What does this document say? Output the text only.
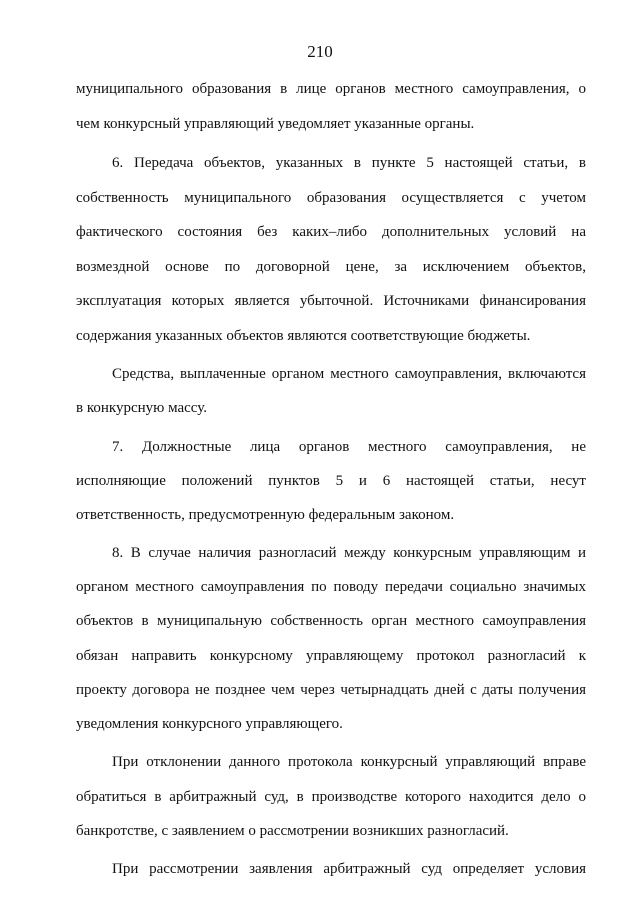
210
муниципального образования в лице органов местного самоуправления, о
чем конкурсный управляющий уведомляет указанные органы.
6. Передача объектов, указанных в пункте 5 настоящей статьи, в
собственность муниципального образования осуществляется с учетом
фактического состояния без каких–либо дополнительных условий на
возмездной основе по договорной цене, за исключением объектов,
эксплуатация которых является убыточной. Источниками финансирования
содержания указанных объектов являются соответствующие бюджеты.
Средства, выплаченные органом местного самоуправления, включаются
в конкурсную массу.
7. Должностные лица органов местного самоуправления, не
исполняющие положений пунктов 5 и 6 настоящей статьи, несут
ответственность, предусмотренную федеральным законом.
8. В случае наличия разногласий между конкурсным управляющим и
органом местного самоуправления по поводу передачи социально значимых
объектов в муниципальную собственность орган местного самоуправления
обязан направить конкурсному управляющему протокол разногласий к
проекту договора не позднее чем через четырнадцать дней с даты получения
уведомления конкурсного управляющего.
При отклонении данного протокола конкурсный управляющий вправе
обратиться в арбитражный суд, в производстве которого находится дело о
банкротстве, с заявлением о рассмотрении возникших разногласий.
При рассмотрении заявления арбитражный суд определяет условия
